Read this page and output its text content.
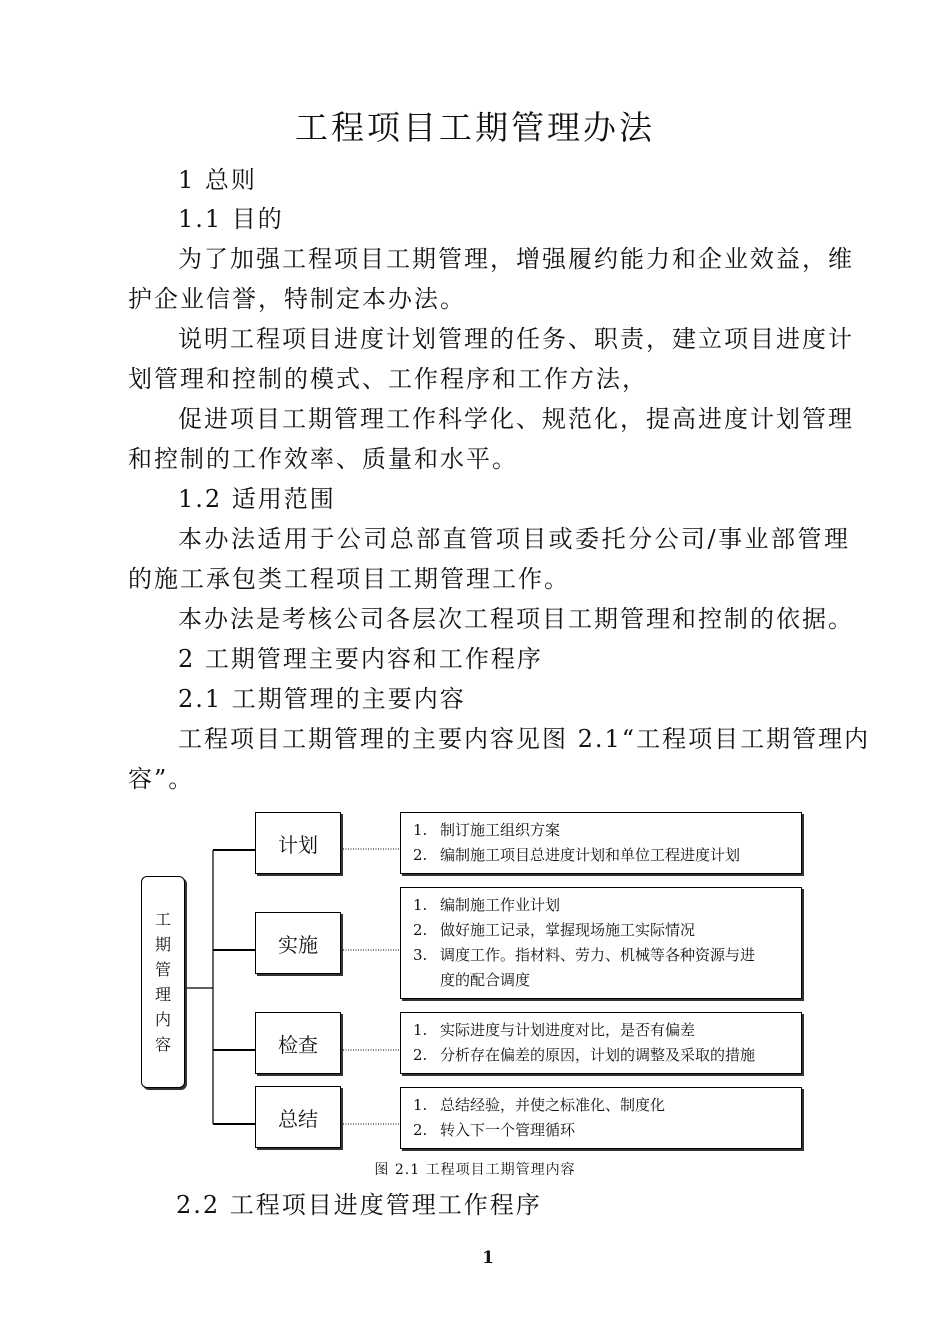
工程项目工期管理办法
1 总则
1.1 目的
为了加强工程项目工期管理，增强履约能力和企业效益，维
护企业信誉，特制定本办法。
说明工程项目进度计划管理的任务、职责，建立项目进度计
划管理和控制的模式、工作程序和工作方法，
促进项目工期管理工作科学化、规范化，提高进度计划管理
和控制的工作效率、质量和水平。
1.2 适用范围
本办法适用于公司总部直管项目或委托分公司/事业部管理
的施工承包类工程项目工期管理工作。
本办法是考核公司各层次工程项目工期管理和控制的依据。
2 工期管理主要内容和工作程序
2.1 工期管理的主要内容
工程项目工期管理的主要内容见图 2.1“工程项目工期管理内
容”。
工
期
管
理
内
容
计划
实施
检查
总结
1. 制订施工组织方案
2. 编制施工项目总进度计划和单位工程进度计划
1. 编制施工作业计划
2. 做好施工记录，掌握现场施工实际情况
3. 调度工作。指材料、劳力、机械等各种资源与进
度的配合调度
1. 实际进度与计划进度对比，是否有偏差
2. 分析存在偏差的原因，计划的调整及采取的措施
1. 总结经验，并使之标准化、制度化
2. 转入下一个管理循环
图 2.1 工程项目工期管理内容
2.2 工程项目进度管理工作程序
1
